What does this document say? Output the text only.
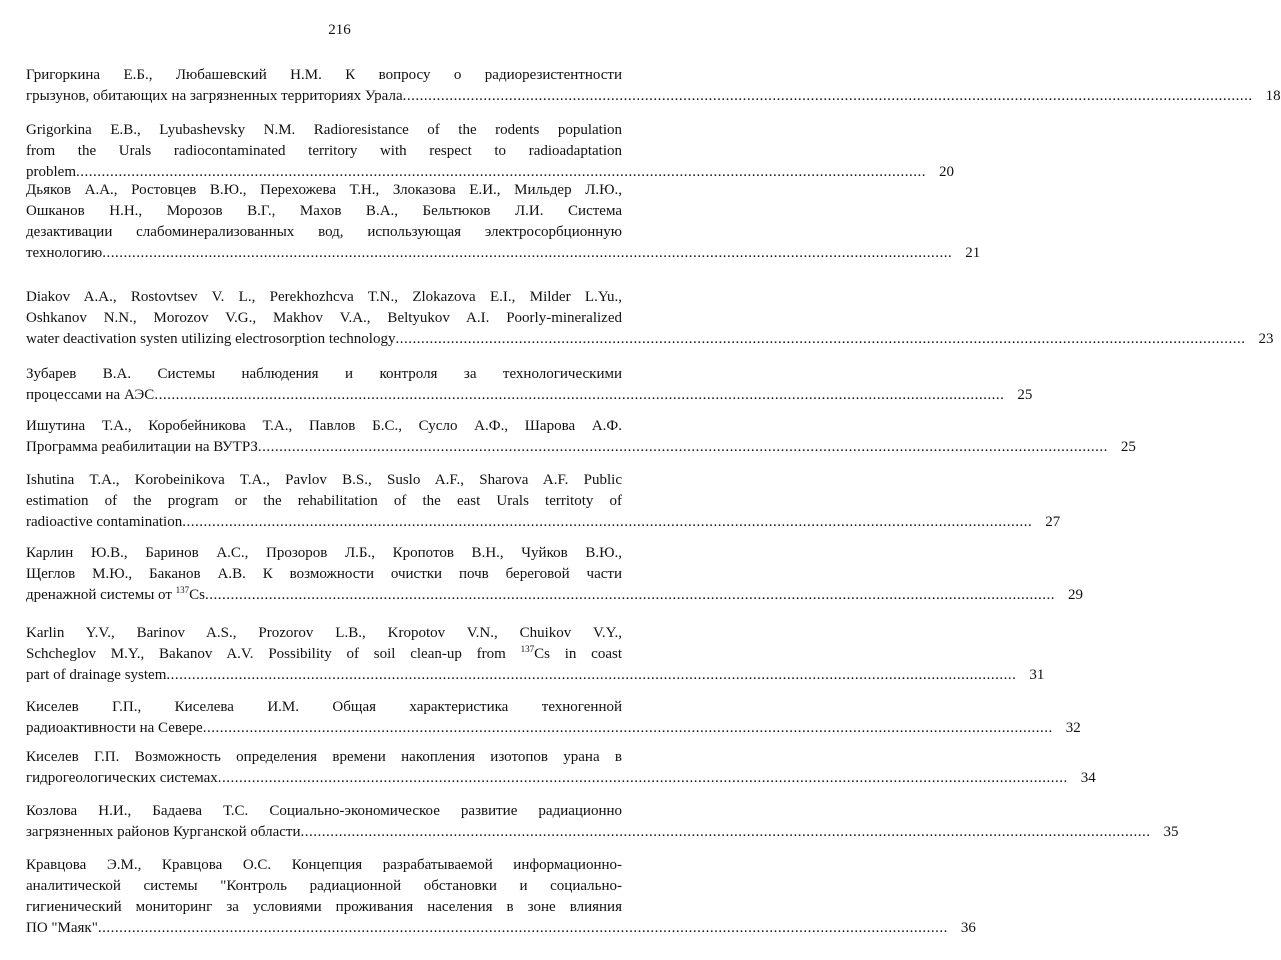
216
Григоркина Е.Б., Любашевский Н.М. К вопросу о радиорезистентности
грызунов, обитающих на загрязненных территориях Урала ........................................................................................................................................................................................................ 18
Grigorkina E.B., Lyubashevsky N.M. Radioresistance of the rodents population
from the Urals radiocontaminated territory with respect to radioadaptation
problem ........................................................................................................................................................................................................ 20
Дьяков А.А., Ростовцев В.Ю., Перехожева Т.Н., Злоказова Е.И., Мильдер Л.Ю.,
Ошканов Н.Н., Морозов В.Г., Махов В.А., Бельтюков Л.И. Система
дезактивации слабоминерализованных вод, использующая электросорбционную
технологию ........................................................................................................................................................................................................ 21
Diakov A.A., Rostovtsev V. L., Perekhozhcva T.N., Zlokazova E.I., Milder L.Yu.,
Oshkanov N.N., Morozov V.G., Makhov V.A., Beltyukov A.I. Poorly-mineralized
water deactivation systen utilizing electrosorption technology ........................................................................................................................................................................................................ 23
Зубарев В.А. Системы наблюдения и контроля за технологическими
процессами на АЭС ........................................................................................................................................................................................................ 25
Ишутина Т.А., Коробейникова Т.А., Павлов Б.С., Сусло А.Ф., Шарова А.Ф.
Программа реабилитации на ВУТРЗ ........................................................................................................................................................................................................ 25
Ishutina T.A., Korobeinikova T.A., Pavlov B.S., Suslo A.F., Sharova A.F. Public
estimation of the program or the rehabilitation of the east Urals territoty of
radioactive contamination ........................................................................................................................................................................................................ 27
Карлин Ю.В., Баринов А.С., Прозоров Л.Б., Кропотов В.Н., Чуйков В.Ю.,
Щеглов М.Ю., Баканов А.В. К возможности очистки почв береговой части
дренажной системы от $^{137}$Cs ........................................................................................................................................................................................................ 29
Karlin Y.V., Barinov A.S., Prozorov L.B., Kropotov V.N., Chuikov V.Y.,
Schcheglov M.Y., Bakanov A.V. Possibility of soil clean-up from $^{137}$Cs in coast
part of drainage system ........................................................................................................................................................................................................ 31
Киселев Г.П., Киселева И.М. Общая характеристика техногенной
радиоактивности на Севере ........................................................................................................................................................................................................ 32
Киселев Г.П. Возможность определения времени накопления изотопов урана в
гидрогеологических системах ........................................................................................................................................................................................................ 34
Козлова Н.И., Бадаева Т.С. Социально-экономическое развитие радиационно
загрязненных районов Курганской области ........................................................................................................................................................................................................ 35
Кравцова Э.М., Кравцова О.С. Концепция разрабатываемой информационно-
аналитической системы "Контроль радиационной обстановки и социально-
гигиенический мониторинг за условиями проживания населения в зоне влияния
ПО "Маяк" ........................................................................................................................................................................................................ 36
